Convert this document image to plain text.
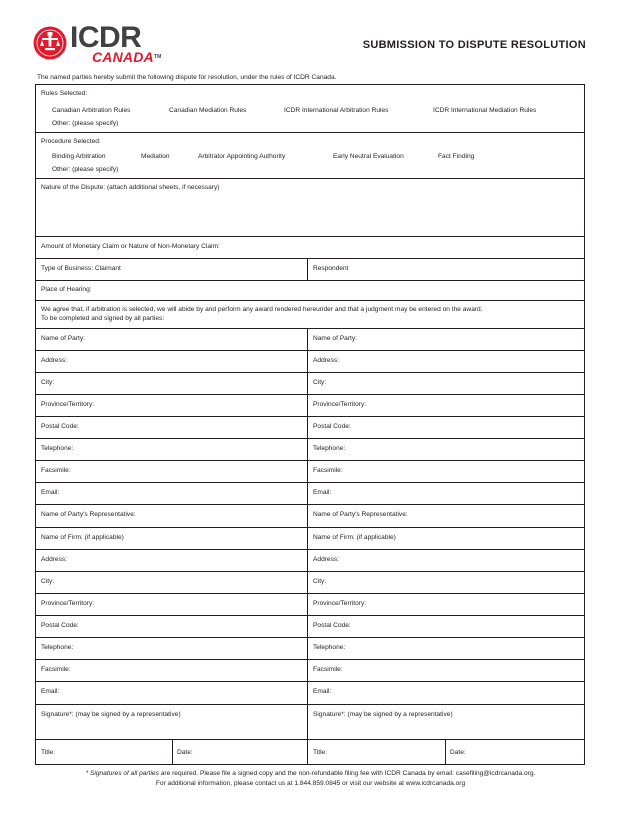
ICDR
CANADA™
SUBMISSION TO DISPUTE RESOLUTION
The named parties hereby submit the following dispute for resolution, under the rules of ICDR Canada.
Rules Selected:
Canadian Arbitration Rules	Canadian Mediation Rules	ICDR International Arbitration Rules	ICDR International Mediation Rules
Other: (please specify)
Procedure Selected:
Binding Arbitration	Mediation	Arbitrator Appointing Authority	Early Neutral Evaluation	Fact Finding
Other: (please specify)
Nature of the Dispute: (attach additional sheets, if necessary)
Amount of Monetary Claim or Nature of Non-Monetary Claim:
Type of Business: Claimant	Respondent
Place of Hearing:
We agree that, if arbitration is selected, we will abide by and perform any award rendered hereunder and that a judgment may be entered on the award.
To be completed and signed by all parties:
Name of Party:	Name of Party:
Address:	Address:
City:	City:
Province/Territory:	Province/Territory:
Postal Code:	Postal Code:
Telephone:	Telephone:
Facsimile:	Facsimile:
Email:	Email:
Name of Party's Representative:	Name of Party's Representative:
Name of Firm: (if applicable)	Name of Firm: (if applicable)
Address:	Address:
City:	City:
Province/Territory:	Province/Territory:
Postal Code:	Postal Code:
Telephone:	Telephone:
Facsimile:	Facsimile:
Email:	Email:
Signature*: (may be signed by a representative)	Signature*: (may be signed by a representative)
Title:	Date:	Title:	Date:
* Signatures of all parties are required. Please file a signed copy and the non-refundable filing fee with ICDR Canada by email: casefiling@icdrcanada.org.
For additional information, please contact us at 1.844.859.0845 or visit our website at www.icdrcanada.org
